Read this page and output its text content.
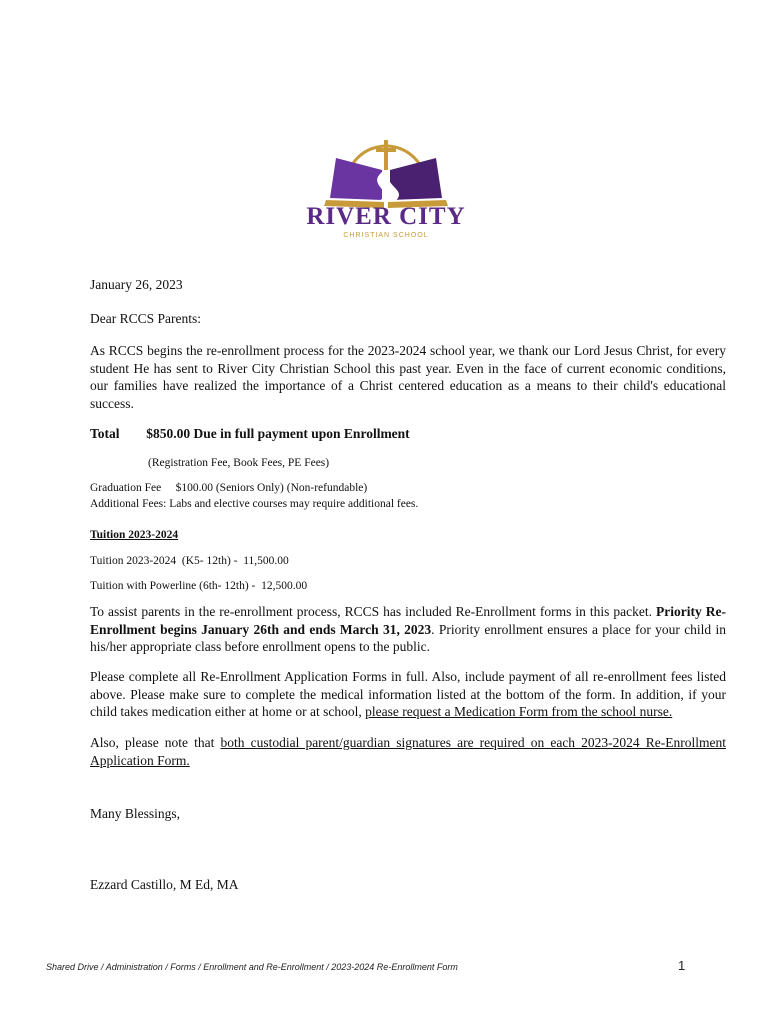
RIVER CITY
CHRISTIAN SCHOOL
January 26, 2023
Dear RCCS Parents:
As RCCS begins the re-enrollment process for the 2023-2024 school year, we thank our Lord Jesus Christ, for every student He has sent to River City Christian School this past year. Even in the face of current economic conditions, our families have realized the importance of a Christ centered education as a means to their child's educational success.
Total $850.00 Due in full payment upon Enrollment
(Registration Fee, Book Fees, PE Fees)
Graduation Fee     $100.00 (Seniors Only) (Non-refundable)
Additional Fees: Labs and elective courses may require additional fees.
Tuition 2023-2024
Tuition 2023-2024  (K5- 12th) -  11,500.00
Tuition with Powerline (6th- 12th) -  12,500.00
To assist parents in the re-enrollment process, RCCS has included Re-Enrollment forms in this packet. Priority Re-Enrollment begins January 26th and ends March 31, 2023. Priority enrollment ensures a place for your child in his/her appropriate class before enrollment opens to the public.
Please complete all Re-Enrollment Application Forms in full. Also, include payment of all re-enrollment fees listed above. Please make sure to complete the medical information listed at the bottom of the form. In addition, if your child takes medication either at home or at school, please request a Medication Form from the school nurse.
Also, please note that both custodial parent/guardian signatures are required on each 2023-2024 Re-Enrollment Application Form.
Many Blessings,
Ezzard Castillo, M Ed, MA
Shared Drive / Administration / Forms / Enrollment and Re-Enrollment / 2023-2024 Re-Enrollment Form	1
